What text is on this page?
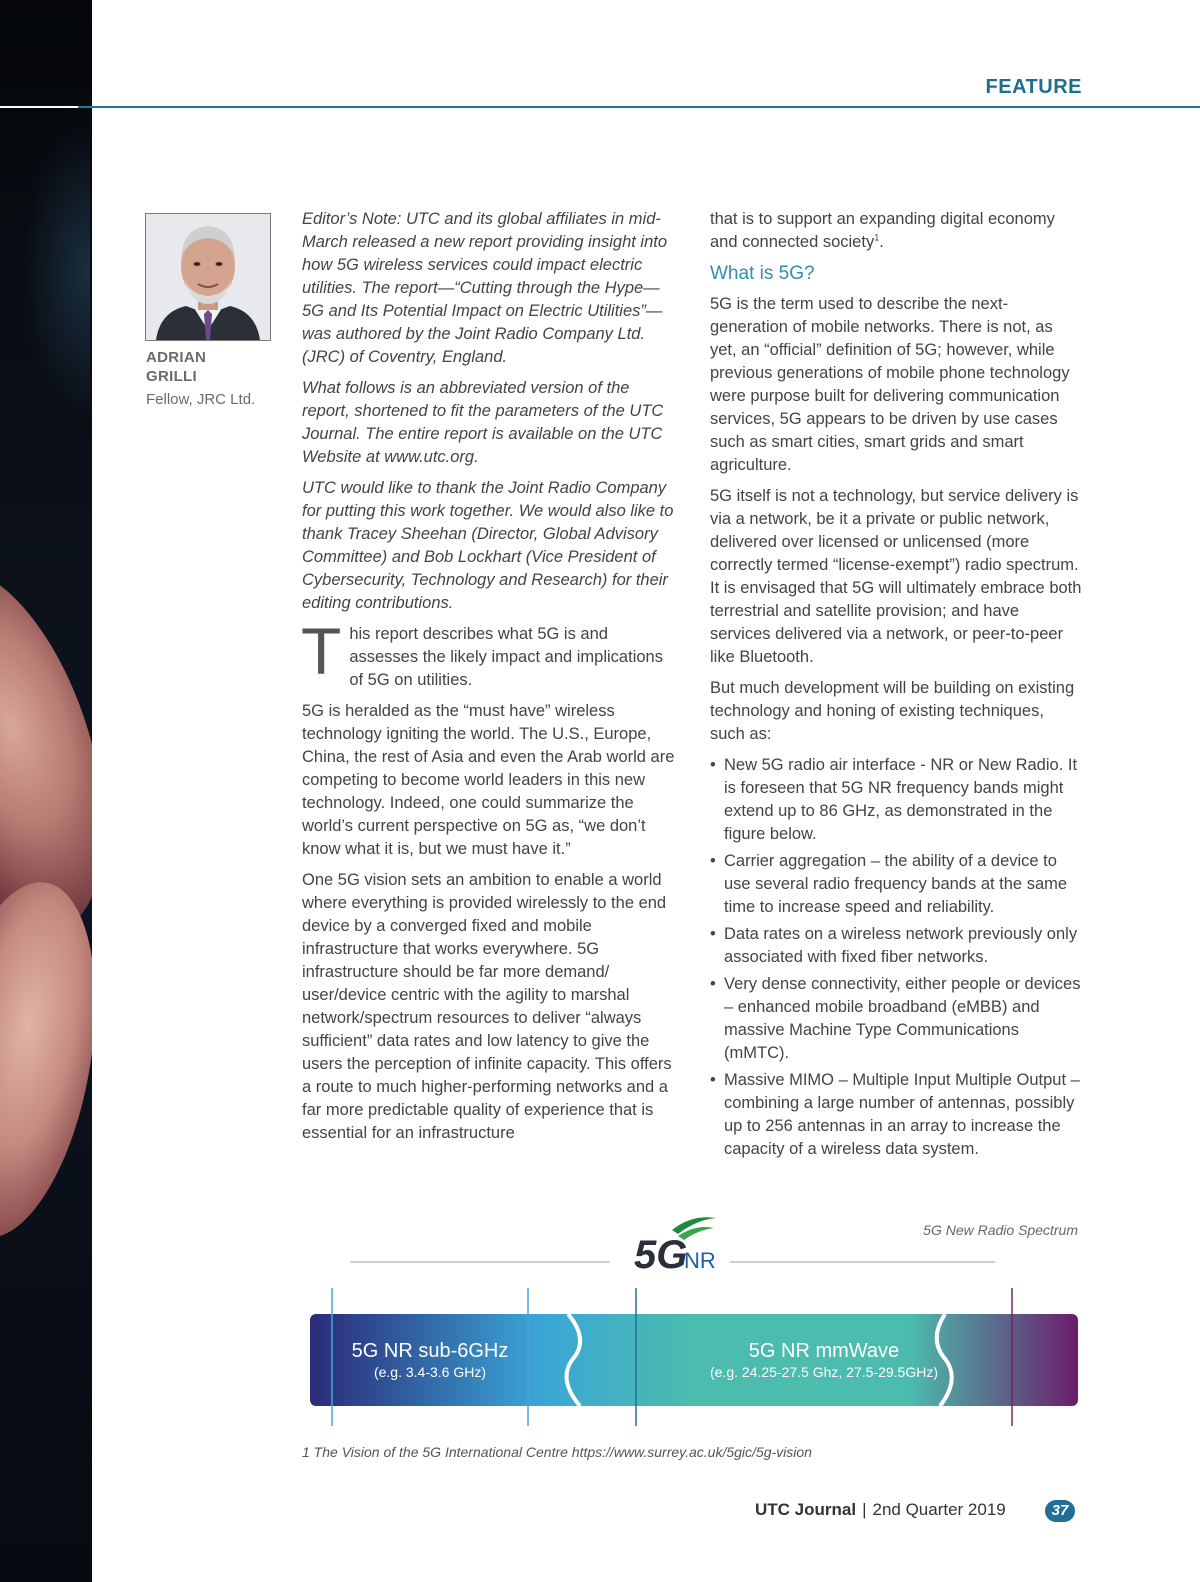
FEATURE
ADRIAN
GRILLI
Fellow, JRC Ltd.

Editor’s Note: UTC and its global affiliates in mid-March released a new report providing insight into how 5G wireless services could impact electric utilities. The report—“Cutting through the Hype—5G and Its Potential Impact on Electric Utilities”—was authored by the Joint Radio Company Ltd. (JRC) of Coventry, England.

What follows is an abbreviated version of the report, shortened to fit the parameters of the UTC Journal. The entire report is available on the UTC Website at www.utc.org.

UTC would like to thank the Joint Radio Company for putting this work together. We would also like to thank Tracey Sheehan (Director, Global Advisory Committee) and Bob Lockhart (Vice President of Cybersecurity, Technology and Research) for their editing contributions.

This report describes what 5G is and assesses the likely impact and implications of 5G on utilities.

5G is heralded as the “must have” wireless technology igniting the world. The U.S., Europe, China, the rest of Asia and even the Arab world are competing to become world leaders in this new technology. Indeed, one could summarize the world’s current perspective on 5G as, “we don’t know what it is, but we must have it.”

One 5G vision sets an ambition to enable a world where everything is provided wirelessly to the end device by a converged fixed and mobile infrastructure that works everywhere. 5G infrastructure should be far more demand/ user/device centric with the agility to marshal network/spectrum resources to deliver “always sufficient” data rates and low latency to give the users the perception of infinite capacity. This offers a route to much higher-performing networks and a far more predictable quality of experience that is essential for an infrastructure

that is to support an expanding digital economy and connected society$^1$.

What is 5G?

5G is the term used to describe the next-generation of mobile networks. There is not, as yet, an “official” definition of 5G; however, while previous generations of mobile phone technology were purpose built for delivering communication services, 5G appears to be driven by use cases such as smart cities, smart grids and smart agriculture.

5G itself is not a technology, but service delivery is via a network, be it a private or public network, delivered over licensed or unlicensed (more correctly termed “license-exempt”) radio spectrum. It is envisaged that 5G will ultimately embrace both terrestrial and satellite provision; and have services delivered via a network, or peer-to-peer like Bluetooth.

But much development will be building on existing technology and honing of existing techniques, such as:

• New 5G radio air interface - NR or New Radio. It is foreseen that 5G NR frequency bands might extend up to 86 GHz, as demonstrated in the figure below.
• Carrier aggregation – the ability of a device to use several radio frequency bands at the same time to increase speed and reliability.
• Data rates on a wireless network previously only associated with fixed fiber networks.
• Very dense connectivity, either people or devices – enhanced mobile broadband (eMBB) and massive Machine Type Communications (mMTC).
• Massive MIMO – Multiple Input Multiple Output – combining a large number of antennas, possibly up to 256 antennas in an array to increase the capacity of a wireless data system.
5G New Radio Spectrum
5G
NR
5G NR sub-6GHz
(e.g. 3.4-3.6 GHz)
5G NR mmWave
(e.g. 24.25-27.5 Ghz, 27.5-29.5GHz)
1 The Vision of the 5G International Centre https://www.surrey.ac.uk/5gic/5g-vision
UTC Journal | 2nd Quarter 2019	37
